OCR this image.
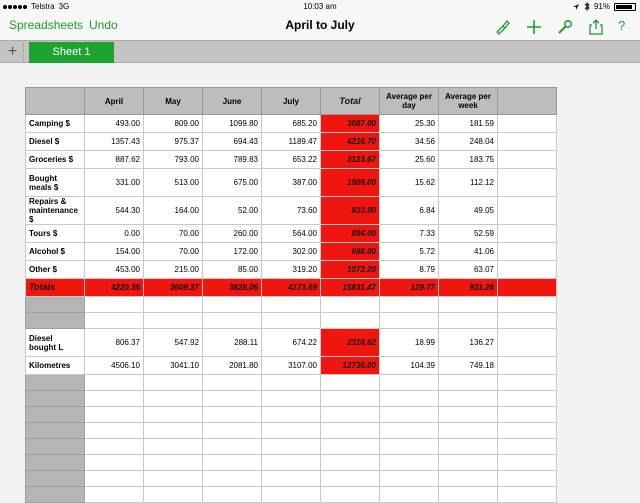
Telstra 3G	10:03 am	91%
Spreadsheets Undo	April to July	?
+	Sheet 1
	April	May	June	July	Total	Average per day	Average per week	
Camping $	493.00	809.00	1099.80	685.20	3087.00	25.30	181.59	
Diesel $	1357.43	975.37	694.43	1189.47	4216.70	34.56	248.04	
Groceries $	887.62	793.00	789.83	653.22	3123.67	25.60	183.75	
Bought meals $	331.00	513.00	675.00	387.00	1906.00	15.62	112.12	
Repairs & maintenance $	544.30	164.00	52.00	73.60	833.90	6.84	49.05	
Tours $	0.00	70.00	260.00	564.00	894.00	7.33	52.59	
Alcohol $	154.00	70.00	172.00	302.00	698.00	5.72	41.06	
Other $	453.00	215.00	85.00	319.20	1072.20	8.79	63.07	
Totals	4220.35	3609.37	3828.06	4173.69	15831.47	129.77	931.26	

Diesel bought L	806.37	547.92	288.11	674.22	2316.62	18.99	136.27	
Kilometres	4506.10	3041.10	2081.80	3107.00	12736.00	104.39	749.18	
